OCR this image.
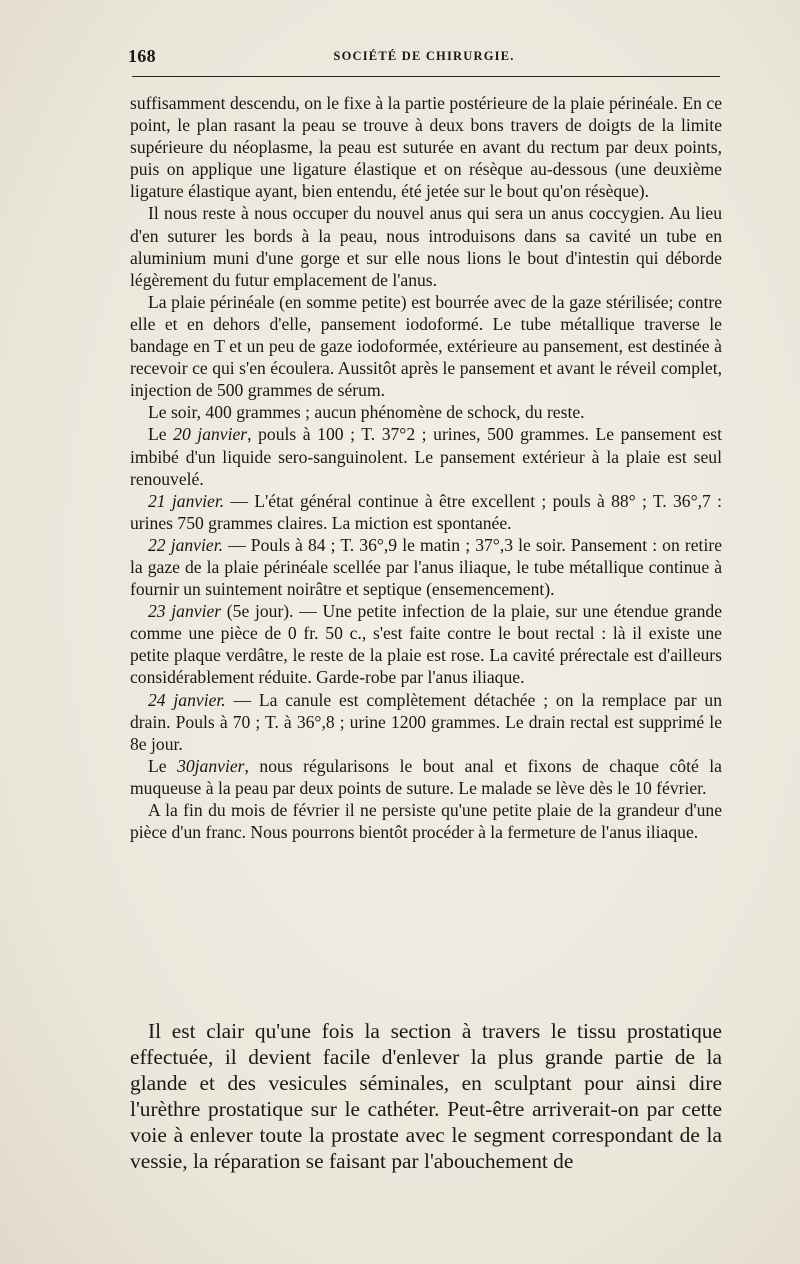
168	SOCIÉTÉ DE CHIRURGIE.

suffisamment descendu, on le fixe à la partie postérieure de la plaie périnéale. En ce point, le plan rasant la peau se trouve à deux bons travers de doigts de la limite supérieure du néoplasme, la peau est suturée en avant du rectum par deux points, puis on applique une ligature élastique et on résèque au-dessous (une deuxième ligature élastique ayant, bien entendu, été jetée sur le bout qu'on résèque).

Il nous reste à nous occuper du nouvel anus qui sera un anus coccygien. Au lieu d'en suturer les bords à la peau, nous introduisons dans sa cavité un tube en aluminium muni d'une gorge et sur elle nous lions le bout d'intestin qui déborde légèrement du futur emplacement de l'anus.

La plaie périnéale (en somme petite) est bourrée avec de la gaze stérilisée; contre elle et en dehors d'elle, pansement iodoformé. Le tube métallique traverse le bandage en T et un peu de gaze iodoformée, extérieure au pansement, est destinée à recevoir ce qui s'en écoulera. Aussitôt après le pansement et avant le réveil complet, injection de 500 grammes de sérum.

Le soir, 400 grammes ; aucun phénomène de schock, du reste.

Le 20 janvier, pouls à 100 ; T. 37°2 ; urines, 500 grammes. Le pansement est imbibé d'un liquide sero-sanguinolent. Le pansement extérieur à la plaie est seul renouvelé.

21 janvier. — L'état général continue à être excellent ; pouls à 88° ; T. 36°,7 : urines 750 grammes claires. La miction est spontanée.

22 janvier. — Pouls à 84 ; T. 36°,9 le matin ; 37°,3 le soir. Pansement : on retire la gaze de la plaie périnéale scellée par l'anus iliaque, le tube métallique continue à fournir un suintement noirâtre et septique (ensemencement).

23 janvier (5e jour). — Une petite infection de la plaie, sur une étendue grande comme une pièce de 0 fr. 50 c., s'est faite contre le bout rectal : là il existe une petite plaque verdâtre, le reste de la plaie est rose. La cavité prérectale est d'ailleurs considérablement réduite. Garde-robe par l'anus iliaque.

24 janvier. — La canule est complètement détachée ; on la remplace par un drain. Pouls à 70 ; T. à 36°,8 ; urine 1200 grammes. Le drain rectal est supprimé le 8e jour.

Le 30janvier, nous régularisons le bout anal et fixons de chaque côté la muqueuse à la peau par deux points de suture. Le malade se lève dès le 10 février.

A la fin du mois de février il ne persiste qu'une petite plaie de la grandeur d'une pièce d'un franc. Nous pourrons bientôt procéder à la fermeture de l'anus iliaque.

Il est clair qu'une fois la section à travers le tissu prostatique effectuée, il devient facile d'enlever la plus grande partie de la glande et des vesicules séminales, en sculptant pour ainsi dire l'urèthre prostatique sur le cathéter. Peut-être arriverait-on par cette voie à enlever toute la prostate avec le segment correspondant de la vessie, la réparation se faisant par l'abouchement de
